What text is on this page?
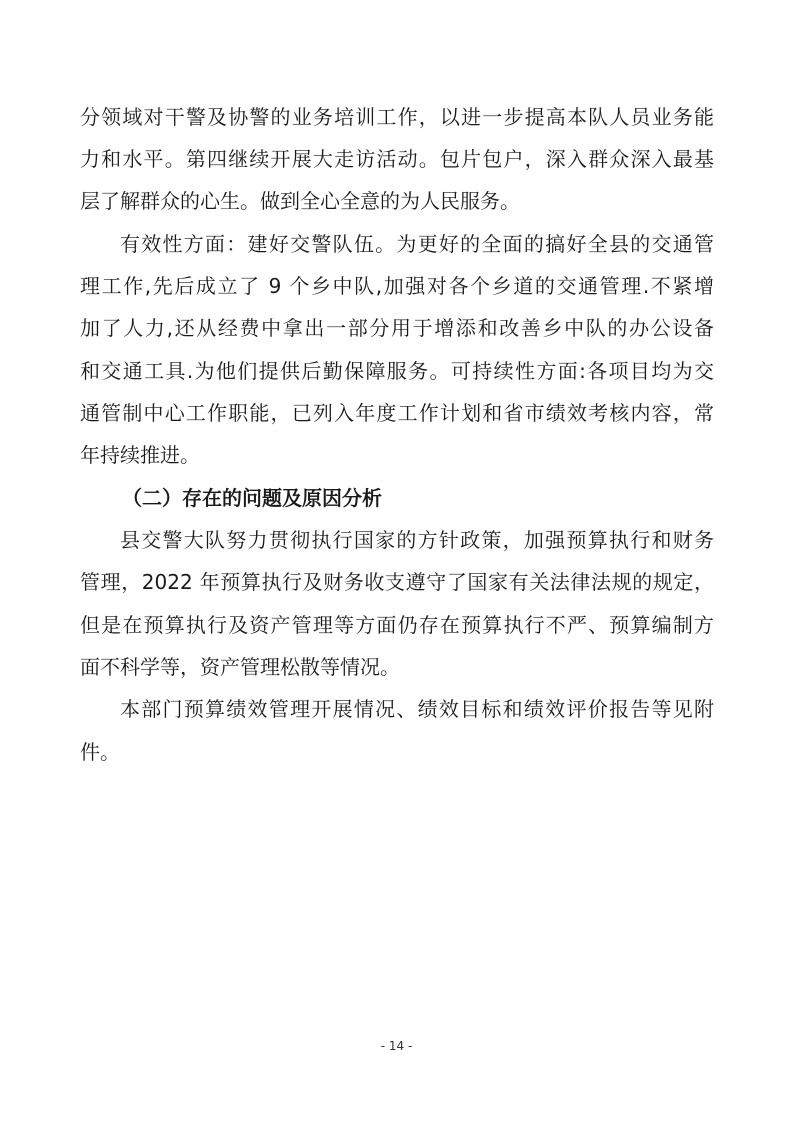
分领域对干警及协警的业务培训工作，以进一步提高本队人员业务能
力和水平。第四继续开展大走访活动。包片包户，深入群众深入最基
层了解群众的心生。做到全心全意的为人民服务。
有效性方面：建好交警队伍。为更好的全面的搞好全县的交通管
理工作,先后成立了 9 个乡中队,加强对各个乡道的交通管理.不紧增
加了人力,还从经费中拿出一部分用于增添和改善乡中队的办公设备
和交通工具.为他们提供后勤保障服务。可持续性方面:各项目均为交
通管制中心工作职能，已列入年度工作计划和省市绩效考核内容，常
年持续推进。
（二）存在的问题及原因分析
县交警大队努力贯彻执行国家的方针政策，加强预算执行和财务
管理，2022 年预算执行及财务收支遵守了国家有关法律法规的规定，
但是在预算执行及资产管理等方面仍存在预算执行不严、预算编制方
面不科学等，资产管理松散等情况。
本部门预算绩效管理开展情况、绩效目标和绩效评价报告等见附
件。
- 14 -
